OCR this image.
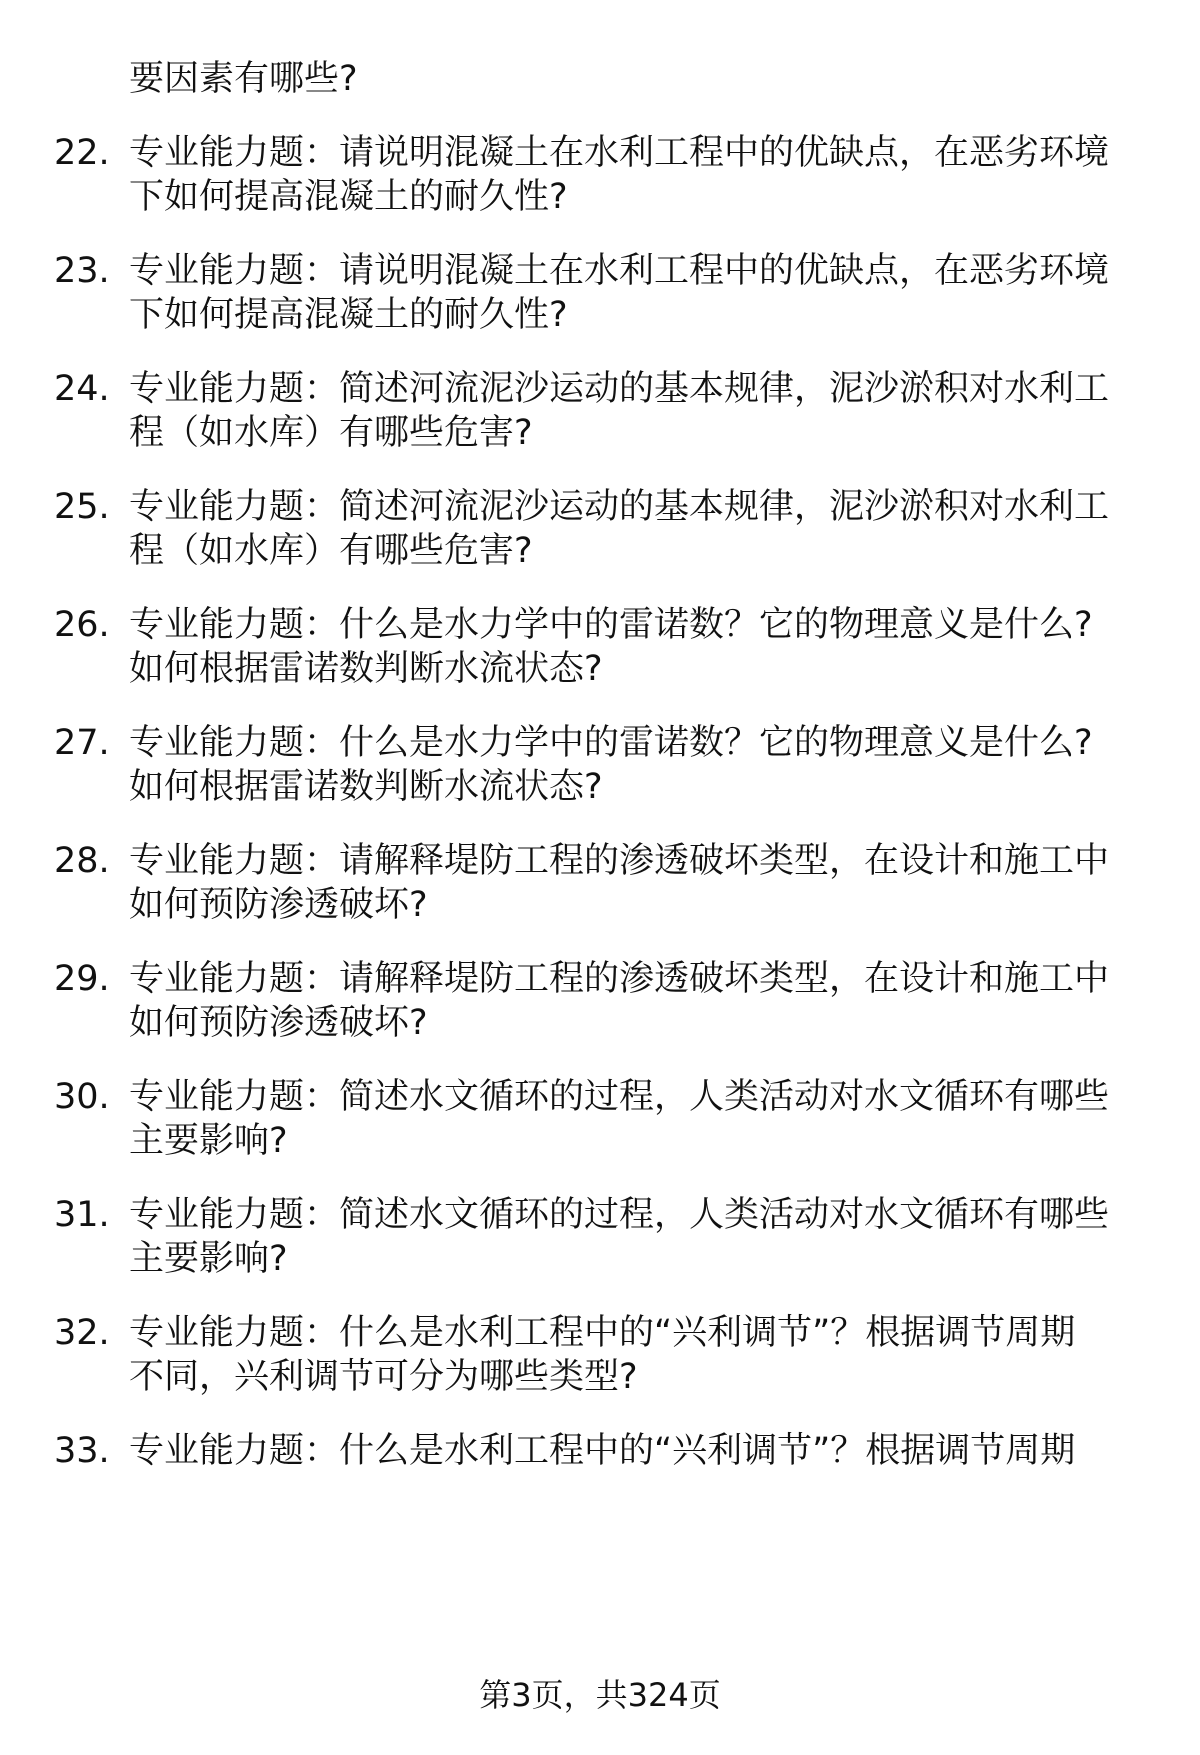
要因素有哪些?
22. 专业能力题：请说明混凝土在水利工程中的优缺点，在恶劣环境
下如何提高混凝土的耐久性?
23. 专业能力题：请说明混凝土在水利工程中的优缺点，在恶劣环境
下如何提高混凝土的耐久性?
24. 专业能力题：简述河流泥沙运动的基本规律，泥沙淤积对水利工
程（如水库）有哪些危害?
25. 专业能力题：简述河流泥沙运动的基本规律，泥沙淤积对水利工
程（如水库）有哪些危害?
26. 专业能力题：什么是水力学中的雷诺数？它的物理意义是什么?
如何根据雷诺数判断水流状态?
27. 专业能力题：什么是水力学中的雷诺数？它的物理意义是什么?
如何根据雷诺数判断水流状态?
28. 专业能力题：请解释堤防工程的渗透破坏类型，在设计和施工中
如何预防渗透破坏?
29. 专业能力题：请解释堤防工程的渗透破坏类型，在设计和施工中
如何预防渗透破坏?
30. 专业能力题：简述水文循环的过程，人类活动对水文循环有哪些
主要影响?
31. 专业能力题：简述水文循环的过程，人类活动对水文循环有哪些
主要影响?
32. 专业能力题：什么是水利工程中的“兴利调节”？根据调节周期
不同，兴利调节可分为哪些类型?
33. 专业能力题：什么是水利工程中的“兴利调节”？根据调节周期
第3页，共324页
